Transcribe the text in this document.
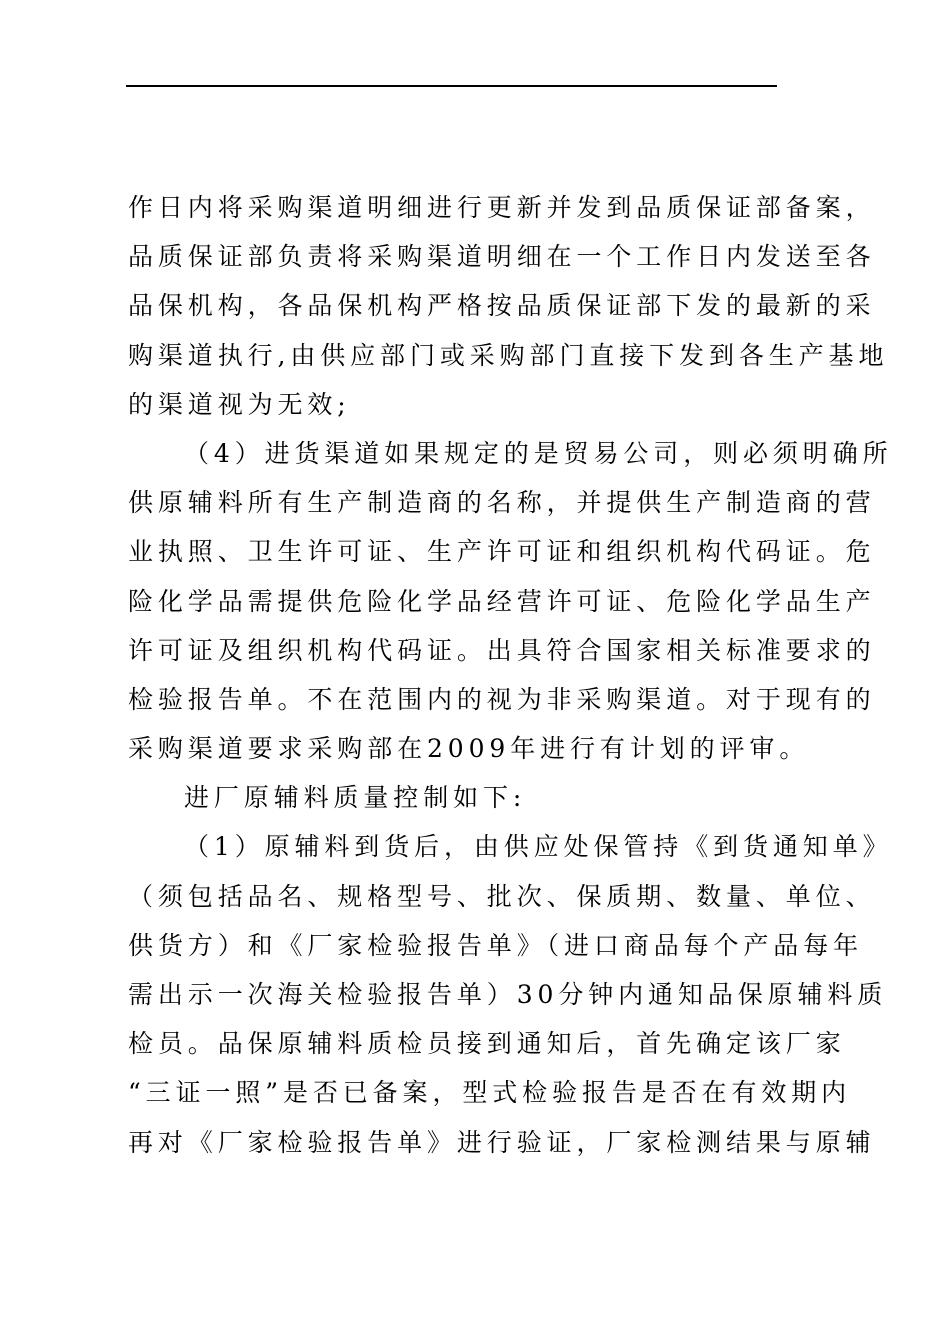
作日内将采购渠道明细进行更新并发到品质保证部备案，
品质保证部负责将采购渠道明细在一个工作日内发送至各
品保机构，各品保机构严格按品质保证部下发的最新的采
购渠道执行,由供应部门或采购部门直接下发到各生产基地
的渠道视为无效;
（4）进货渠道如果规定的是贸易公司，则必须明确所
供原辅料所有生产制造商的名称，并提供生产制造商的营
业执照、卫生许可证、生产许可证和组织机构代码证。危
险化学品需提供危险化学品经营许可证、危险化学品生产
许可证及组织机构代码证。出具符合国家相关标准要求的
检验报告单。不在范围内的视为非采购渠道。对于现有的
采购渠道要求采购部在2009年进行有计划的评审。
进厂原辅料质量控制如下:
（1）原辅料到货后，由供应处保管持《到货通知单》
（须包括品名、规格型号、批次、保质期、数量、单位、
供货方）和《厂家检验报告单》（进口商品每个产品每年
需出示一次海关检验报告单）30分钟内通知品保原辅料质
检员。品保原辅料质检员接到通知后，首先确定该厂家
“三证一照”是否已备案，型式检验报告是否在有效期内
再对《厂家检验报告单》进行验证，厂家检测结果与原辅
